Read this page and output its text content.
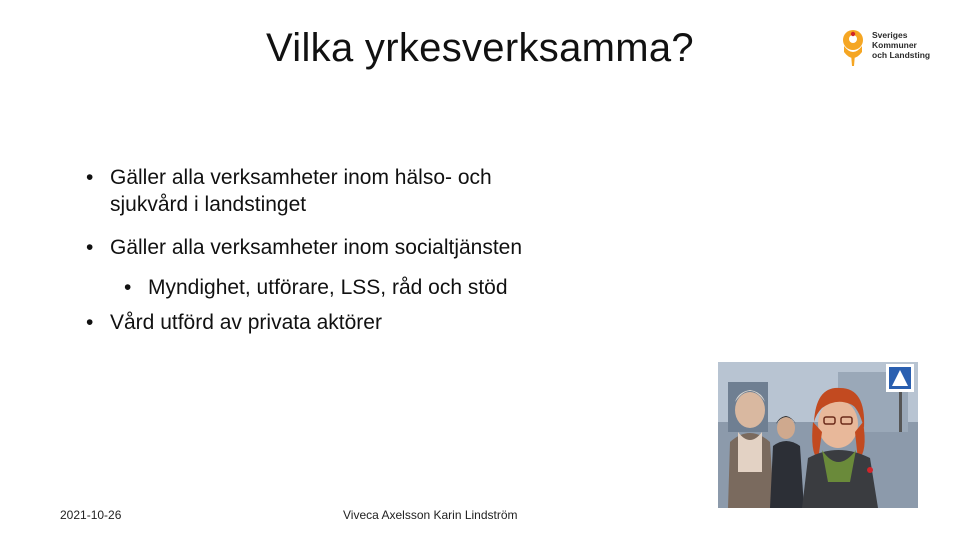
Vilka yrkesverksamma?	Sveriges
Kommuner
och Landsting
• Gäller alla verksamheter inom hälso- och
sjukvård i landstinget
• Gäller alla verksamheter inom socialtjänsten
• Myndighet, utförare, LSS, råd och stöd
• Vård utförd av privata aktörer
2021-10-26	Viveca Axelsson Karin Lindström
